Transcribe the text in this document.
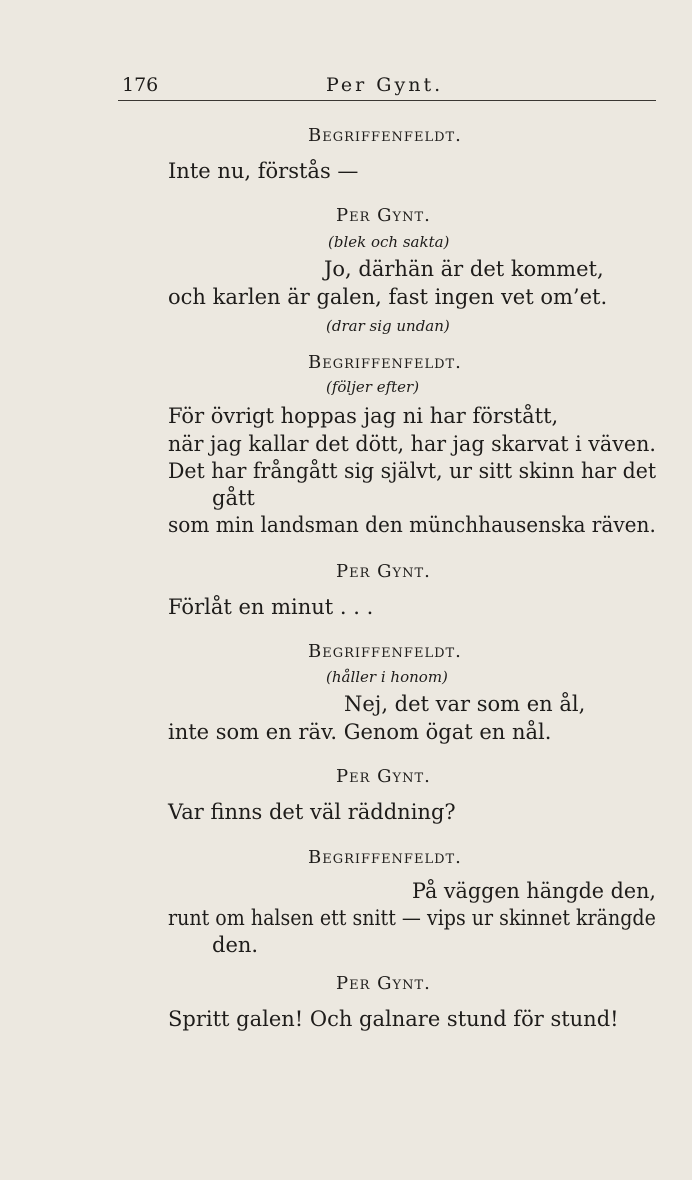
176	Per Gynt.
Begriffenfeldt.
Inte nu, förstås —
Per Gynt.
(blek och sakta)
Jo, därhän är det kommet,
och karlen är galen, fast ingen vet om’et.
(drar sig undan)
Begriffenfeldt.
(följer efter)
För övrigt hoppas jag ni har förstått,
när jag kallar det dött, har jag skarvat i väven.
Det har frångått sig självt, ur sitt skinn har det
gått
som min landsman den münchhausenska räven.
Per Gynt.
Förlåt en minut . . .
Begriffenfeldt.
(håller i honom)
Nej, det var som en ål,
inte som en räv. Genom ögat en nål.
Per Gynt.
Var finns det väl räddning?
Begriffenfeldt.
På väggen hängde den,
runt om halsen ett snitt — vips ur skinnet krängde
den.
Per Gynt.
Spritt galen! Och galnare stund för stund!
